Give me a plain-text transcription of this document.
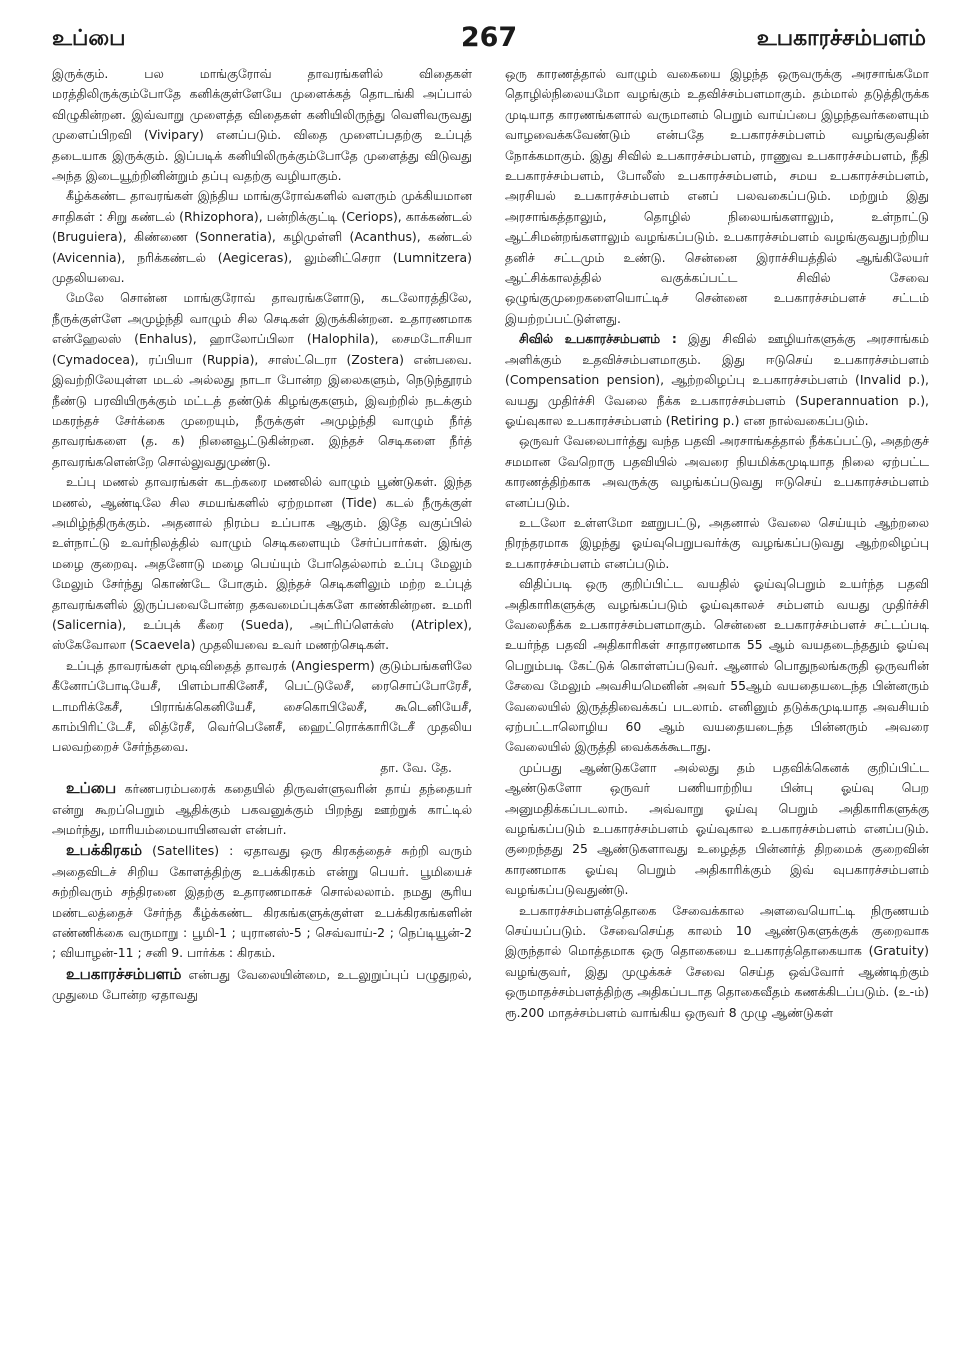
உப்பை	267	உபகாரச்சம்பளம்

இருக்கும். பல மாங்குரோவ் தாவரங்களில் விதைகள் மரத்திலிருக்கும்போதே கனிக்குள்ளேயே முளைக்கத் தொடங்கி அப்பால் விழுகின்றன. இவ்வாறு முளைத்த விதைகள் கனியிலிருந்து வெளிவருவது முளைப்பிறவி (Vivipary) எனப்படும். விதை முளைப்பதற்கு உப்புத் தடையாக இருக்கும். இப்படிக் கனியிலிருக்கும்போதே முளைத்து விடுவது அந்த இடையூற்றினின்றும் தப்பு வதற்கு வழியாகும்.

கீழ்க்கண்ட தாவரங்கள் இந்திய மாங்குரோவ்களில் வளரும் முக்கியமான சாதிகள் : சிறு கண்டல் (Rhizophora), பன்றிக்குட்டி (Ceriops), காக்கண்டல் (Bruguiera), கிண்ணை (Sonneratia), கழிமுள்ளி (Acanthus), கண்டல் (Avicennia), நரிக்கண்டல் (Aegiceras), லும்னிட்செரா (Lumnitzera) முதலியவை.

மேலே சொன்ன மாங்குரோவ் தாவரங்களோடு, கடலோரத்திலே, நீருக்குள்ளே அமுழ்ந்தி வாழும் சில செடிகள் இருக்கின்றன. உதாரணமாக என்ஹேலஸ் (Enhalus), ஹாலோப்பிலா (Halophila), சைமடோசியா (Cymadocea), ரப்பியா (Ruppia), சாஸ்ட்டெரா (Zostera) என்பவை. இவற்றிலேயுள்ள மடல் அல்லது நாடா போன்ற இலைகளும், நெடுந்தூரம் நீண்டு பரவியிருக்கும் மட்டத் தண்டுக் கிழங்குகளும், இவற்றில் நடக்கும் மகரந்தச் சேர்க்கை முறையும், நீருக்குள் அமுழ்ந்தி வாழும் நீர்த் தாவரங்களை (த. க) நினைவூட்டுகின்றன. இந்தச் செடிகளை நீர்த் தாவரங்களென்றே சொல்லுவதுமுண்டு.

உப்பு மணல் தாவரங்கள் கடற்கரை மணலில் வாழும் பூண்டுகள். இந்த மணல், ஆண்டிலே சில சமயங்களில் ஏற்றமான (Tide) கடல் நீருக்குள் அமிழ்ந்திருக்கும். அதனால் நிரம்ப உப்பாக ஆகும். இதே வகுப்பில் உள்நாட்டு உவர்நிலத்தில் வாழும் செடிகளையும் சேர்ப்பார்கள். இங்கு மழை குறைவு. அதனோடு மழை பெய்யும் போதெல்லாம் உப்பு மேலும் மேலும் சேர்ந்து கொண்டே போகும். இந்தச் செடிகளிலும் மற்ற உப்புத் தாவரங்களில் இருப்பவைபோன்ற தகவமைப்புக்களே காண்கின்றன. உமரி (Salicernia), உப்புக் கீரை (Sueda), அட்ரிப்ளெக்ஸ் (Atriplex), ஸ்கேவோலா (Scaevela) முதலியவை உவர் மணற்செடிகள்.

உப்புத் தாவரங்கள் மூடிவிதைத் தாவரக் (Angiesperm) குடும்பங்களிலே கீனோப்போடியேசீ, பிளம்பாகினேசீ, பெட்டுலேசீ, ரைசொப்போரேசீ, டாமரிக்கேசீ, பிராங்க்கெனியேசீ, சைகொபிலேசீ, கூடெனியேசீ, காம்பிரிட்டேசீ, லித்ரேசீ, வெர்பெனேசீ, ஹைட்ரொக்காரிடேசீ முதலிய பலவற்றைச் சேர்ந்தவை.

தா. வே. தே.

உப்பை கர்ணபரம்பரைக் கதையில் திருவள்ளுவரின் தாய் தந்தையர் என்று கூறப்பெறும் ஆதிக்கும் பகவனுக்கும் பிறந்து ஊற்றுக் காட்டில் அமர்ந்து, மாரியம்மையாயினவள் என்பர்.

உபக்கிரகம் (Satellites) : ஏதாவது ஒரு கிரகத்தைச் சுற்றி வரும் அதைவிடச் சிறிய கோளத்திற்கு உபக்கிரகம் என்று பெயர். பூமியைச் சுற்றிவரும் சந்திரனை இதற்கு உதாரணமாகச் சொல்லலாம். நமது சூரிய மண்டலத்தைச் சேர்ந்த கீழ்க்கண்ட கிரகங்களுக்குள்ள உபக்கிரகங்களின் எண்ணிக்கை வருமாறு : பூமி-1 ; யுரானஸ்-5 ; செவ்வாய்-2 ; நெப்டியூன்-2 ; வியாழன்-11 ; சனி 9. பார்க்க : கிரகம்.

உபகாரச்சம்பளம் என்பது வேலையின்மை, உடலுறுப்புப் பழுதுறல், முதுமை போன்ற ஏதாவது

ஒரு காரணத்தால் வாழும் வகையை இழந்த ஒருவருக்கு அரசாங்கமோ தொழில்நிலையமோ வழங்கும் உதவிச்சம்பளமாகும். தம்மால் தடுத்திருக்க முடியாத காரணங்களால் வருமானம் பெறும் வாய்ப்பை இழந்தவர்களையும் வாழவைக்கவேண்டும் என்பதே உபகாரச்சம்பளம் வழங்குவதின் நோக்கமாகும். இது சிவில் உபகாரச்சம்பளம், ராணுவ உபகாரச்சம்பளம், நீதி உபகாரச்சம்பளம், போலீஸ் உபகாரச்சம்பளம், சமய உபகாரச்சம்பளம், அரசியல் உபகாரச்சம்பளம் எனப் பலவகைப்படும். மற்றும் இது அரசாங்கத்தாலும், தொழில் நிலையங்களாலும், உள்நாட்டு ஆட்சிமன்றங்களாலும் வழங்கப்படும். உபகாரச்சம்பளம் வழங்குவதுபற்றிய தனிச் சட்டமும் உண்டு. சென்னை இராச்சியத்தில் ஆங்கிலேயர் ஆட்சிக்காலத்தில் வகுக்கப்பட்ட சிவில் சேவை ஒழுங்குமுறைகளையொட்டிச் சென்னை உபகாரச்சம்பளச் சட்டம் இயற்றப்பட்டுள்ளது.

சிவில் உபகாரச்சம்பளம் : இது சிவில் ஊழியர்களுக்கு அரசாங்கம் அளிக்கும் உதவிச்சம்பளமாகும். இது ஈடுசெய் உபகாரச்சம்பளம் (Compensation pension), ஆற்றலிழப்பு உபகாரச்சம்பளம் (Invalid p.), வயது முதிர்ச்சி வேலை நீக்க உபகாரச்சம்பளம் (Superannuation p.), ஓய்வுகால உபகாரச்சம்பளம் (Retiring p.) என நால்வகைப்படும்.

ஒருவர் வேலைபார்த்து வந்த பதவி அரசாங்கத்தால் நீக்கப்பட்டு, அதற்குச் சமமான வேறொரு பதவியில் அவரை நியமிக்கமுடியாத நிலை ஏற்பட்ட காரணத்திற்காக அவருக்கு வழங்கப்படுவது ஈடுசெய் உபகாரச்சம்பளம் எனப்படும்.

உடலோ உள்ளமோ ஊறுபட்டு, அதனால் வேலை செய்யும் ஆற்றலை நிரந்தரமாக இழந்து ஓய்வுபெறுபவர்க்கு வழங்கப்படுவது ஆற்றலிழப்பு உபகாரச்சம்பளம் எனப்படும்.

விதிப்படி ஒரு குறிப்பிட்ட வயதில் ஓய்வுபெறும் உயர்ந்த பதவி அதிகாரிகளுக்கு வழங்கப்படும் ஓய்வுகாலச் சம்பளம் வயது முதிர்ச்சி வேலைநீக்க உபகாரச்சம்பளமாகும். சென்னை உபகாரச்சம்பளச் சட்டப்படி உயர்ந்த பதவி அதிகாரிகள் சாதாரணமாக 55 ஆம் வயதடைந்ததும் ஓய்வு பெறும்படி கேட்டுக் கொள்ளப்படுவர். ஆனால் பொதுநலங்கருதி ஒருவரின் சேவை மேலும் அவசியமெனின் அவர் 55ஆம் வயதையடைந்த பின்னரும் வேலையில் இருத்திவைக்கப் படலாம். எனினும் தடுக்கமுடியாத அவசியம் ஏற்பட்டாலொழிய 60 ஆம் வயதையடைந்த பின்னரும் அவரை வேலையில் இருத்தி வைக்கக்கூடாது.

முப்பது ஆண்டுகளோ அல்லது தம் பதவிக்கெனக் குறிப்பிட்ட ஆண்டுகளோ ஒருவர் பணியாற்றிய பின்பு ஓய்வு பெற அனுமதிக்கப்படலாம். அவ்வாறு ஓய்வு பெறும் அதிகாரிகளுக்கு வழங்கப்படும் உபகாரச்சம்பளம் ஓய்வுகால உபகாரச்சம்பளம் எனப்படும். குறைந்தது 25 ஆண்டுகளாவது உழைத்த பின்னர்த் திறமைக் குறைவின் காரணமாக ஓய்வு பெறும் அதிகாரிக்கும் இவ் வுபகாரச்சம்பளம் வழங்கப்படுவதுண்டு.

உபகாரச்சம்பளத்தொகை சேவைக்கால அளவையொட்டி நிருணயம் செய்யப்படும். சேவைசெய்த காலம் 10 ஆண்டுகளுக்குக் குறைவாக இருந்தால் மொத்தமாக ஒரு தொகையை உபகாரத்தொகையாக (Gratuity) வழங்குவர், இது முழுக்கச் சேவை செய்த ஒவ்வோர் ஆண்டிற்கும் ஒருமாதச்சம்பளத்திற்கு அதிகப்படாத தொகைவீதம் கணக்கிடப்படும். (உ-ம்) ரூ.200 மாதச்சம்பளம் வாங்கிய ஒருவர் 8 முழு ஆண்டுகள்
